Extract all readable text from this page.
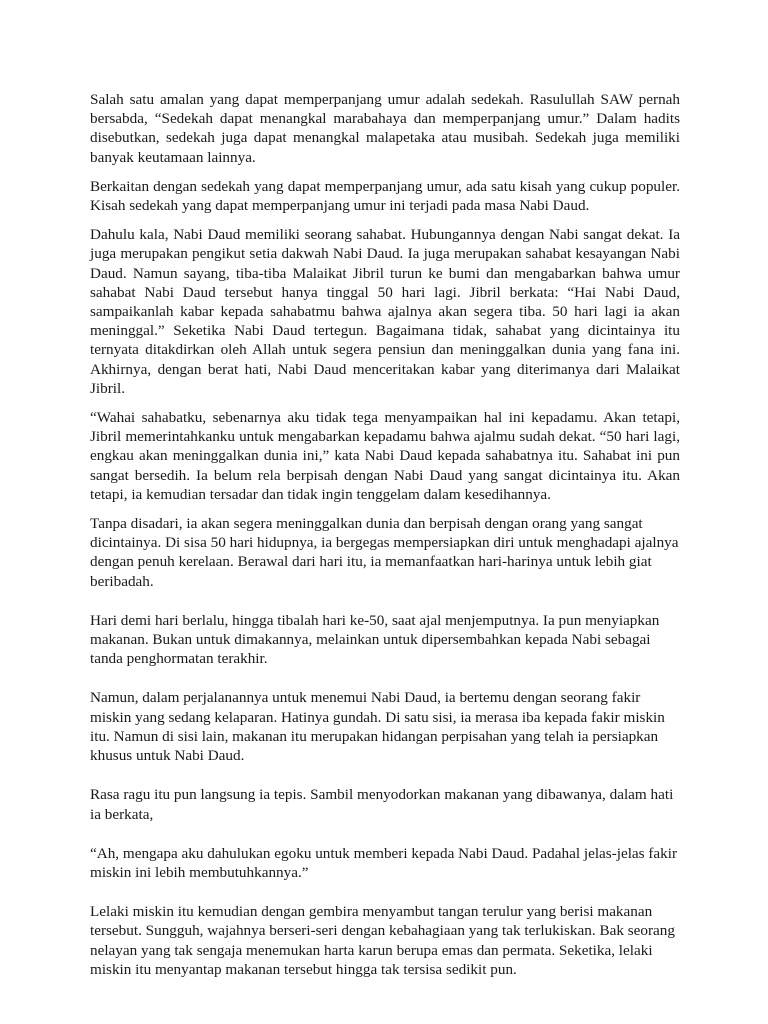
Salah satu amalan yang dapat memperpanjang umur adalah sedekah. Rasulullah SAW pernah bersabda, “Sedekah dapat menangkal marabahaya dan memperpanjang umur.” Dalam hadits disebutkan, sedekah juga dapat menangkal malapetaka atau musibah. Sedekah juga memiliki banyak keutamaan lainnya.

Berkaitan dengan sedekah yang dapat memperpanjang umur, ada satu kisah yang cukup populer. Kisah sedekah yang dapat memperpanjang umur ini terjadi pada masa Nabi Daud.

Dahulu kala, Nabi Daud memiliki seorang sahabat. Hubungannya dengan Nabi sangat dekat. Ia juga merupakan pengikut setia dakwah Nabi Daud. Ia juga merupakan sahabat kesayangan Nabi Daud. Namun sayang, tiba-tiba Malaikat Jibril turun ke bumi dan mengabarkan bahwa umur sahabat Nabi Daud tersebut hanya tinggal 50 hari lagi. Jibril berkata: “Hai Nabi Daud, sampaikanlah kabar kepada sahabatmu bahwa ajalnya akan segera tiba. 50 hari lagi ia akan meninggal.” Seketika Nabi Daud tertegun. Bagaimana tidak, sahabat yang dicintainya itu ternyata ditakdirkan oleh Allah untuk segera pensiun dan meninggalkan dunia yang fana ini. Akhirnya, dengan berat hati, Nabi Daud menceritakan kabar yang diterimanya dari Malaikat Jibril.

“Wahai sahabatku, sebenarnya aku tidak tega menyampaikan hal ini kepadamu. Akan tetapi, Jibril memerintahkanku untuk mengabarkan kepadamu bahwa ajalmu sudah dekat. “50 hari lagi, engkau akan meninggalkan dunia ini,” kata Nabi Daud kepada sahabatnya itu. Sahabat ini pun sangat bersedih. Ia belum rela berpisah dengan Nabi Daud yang sangat dicintainya itu. Akan tetapi, ia kemudian tersadar dan tidak ingin tenggelam dalam kesedihannya.

Tanpa disadari, ia akan segera meninggalkan dunia dan berpisah dengan orang yang sangat dicintainya. Di sisa 50 hari hidupnya, ia bergegas mempersiapkan diri untuk menghadapi ajalnya dengan penuh kerelaan. Berawal dari hari itu, ia memanfaatkan hari-harinya untuk lebih giat beribadah.

Hari demi hari berlalu, hingga tibalah hari ke-50, saat ajal menjemputnya. Ia pun menyiapkan makanan. Bukan untuk dimakannya, melainkan untuk dipersembahkan kepada Nabi sebagai tanda penghormatan terakhir.

Namun, dalam perjalanannya untuk menemui Nabi Daud, ia bertemu dengan seorang fakir miskin yang sedang kelaparan. Hatinya gundah. Di satu sisi, ia merasa iba kepada fakir miskin itu. Namun di sisi lain, makanan itu merupakan hidangan perpisahan yang telah ia persiapkan khusus untuk Nabi Daud.

Rasa ragu itu pun langsung ia tepis. Sambil menyodorkan makanan yang dibawanya, dalam hati ia berkata,

“Ah, mengapa aku dahulukan egoku untuk memberi kepada Nabi Daud. Padahal jelas-jelas fakir miskin ini lebih membutuhkannya.”

Lelaki miskin itu kemudian dengan gembira menyambut tangan terulur yang berisi makanan tersebut. Sungguh, wajahnya berseri-seri dengan kebahagiaan yang tak terlukiskan. Bak seorang nelayan yang tak sengaja menemukan harta karun berupa emas dan permata. Seketika, lelaki miskin itu menyantap makanan tersebut hingga tak tersisa sedikit pun.
